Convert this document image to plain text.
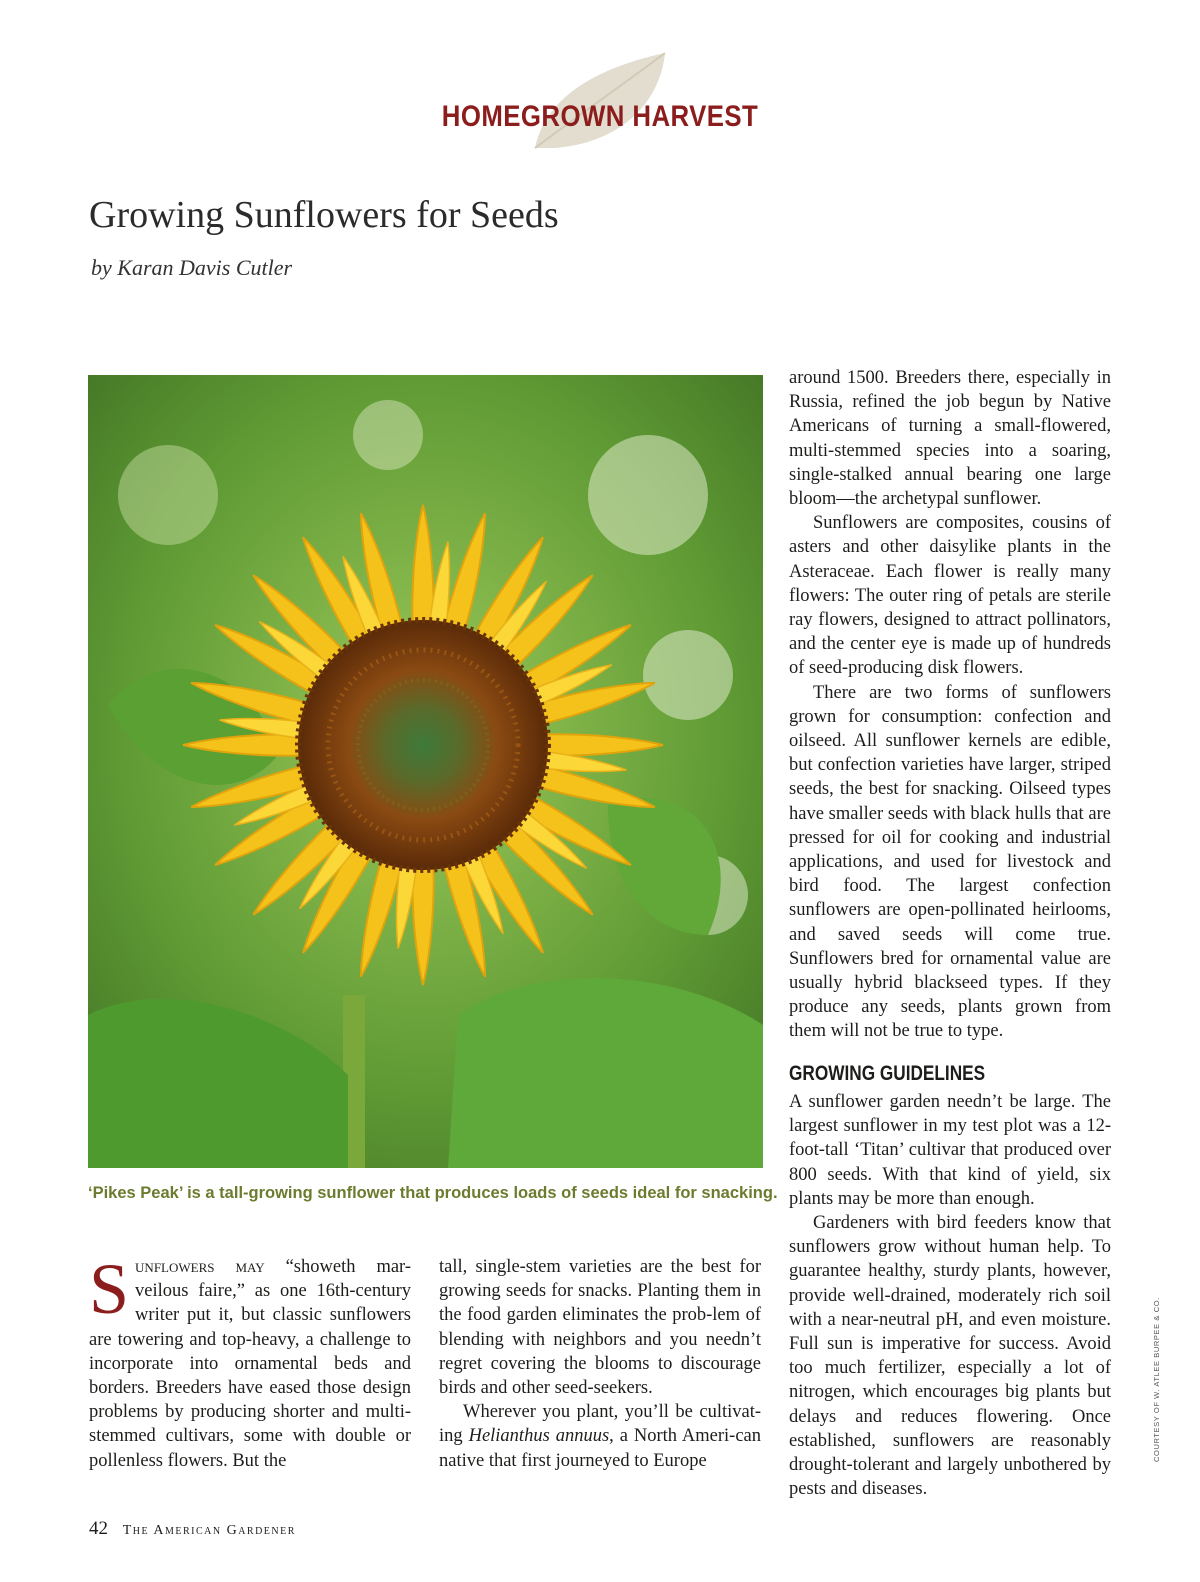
HOMEGROWN HARVEST
Growing Sunflowers for Seeds
by Karan Davis Cutler
‘Pikes Peak’ is a tall-growing sunflower that produces loads of seeds ideal for snacking.

Sunflowers may “showeth mar- veilous faire,” as one 16th-century writer put it, but classic sunflowers are towering and top-heavy, a challenge to incorporate into ornamental beds and borders. Breeders have eased those design problems by producing shorter and multi-stemmed cultivars, some with double or pollenless flowers. But the

tall, single-stem varieties are the best for growing seeds for snacks. Planting them in the food garden eliminates the prob-lem of blending with neighbors and you needn’t regret covering the blooms to discourage birds and other seed-seekers.

Wherever you plant, you’ll be cultivat-ing Helianthus annuus, a North Ameri-can native that first journeyed to Europe

around 1500. Breeders there, especially in Russia, refined the job begun by Native Americans of turning a small-flowered, multi-stemmed species into a soaring, single-stalked annual bearing one large bloom—the archetypal sunflower.

Sunflowers are composites, cousins of asters and other daisylike plants in the Asteraceae. Each flower is really many flowers: The outer ring of petals are sterile ray flowers, designed to attract pollinators, and the center eye is made up of hundreds of seed-producing disk flowers.

There are two forms of sunflowers grown for consumption: confection and oilseed. All sunflower kernels are edible, but confection varieties have larger, striped seeds, the best for snacking. Oilseed types have smaller seeds with black hulls that are pressed for oil for cooking and industrial applications, and used for livestock and bird food. The largest confection sunflowers are open-pollinated heirlooms, and saved seeds will come true. Sunflowers bred for ornamental value are usually hybrid blackseed types. If they produce any seeds, plants grown from them will not be true to type.

GROWING GUIDELINES

A sunflower garden needn’t be large. The largest sunflower in my test plot was a 12-foot-tall ‘Titan’ cultivar that produced over 800 seeds. With that kind of yield, six plants may be more than enough.

Gardeners with bird feeders know that sunflowers grow without human help. To guarantee healthy, sturdy plants, however, provide well-drained, moderately rich soil with a near-neutral pH, and even moisture. Full sun is imperative for success. Avoid too much fertilizer, especially a lot of nitrogen, which encourages big plants but delays and reduces flowering. Once established, sunflowers are reasonably drought-tolerant and largely unbothered by pests and diseases.

42 The American Gardener
COURTESY OF W. ATLEE BURPEE & CO.
